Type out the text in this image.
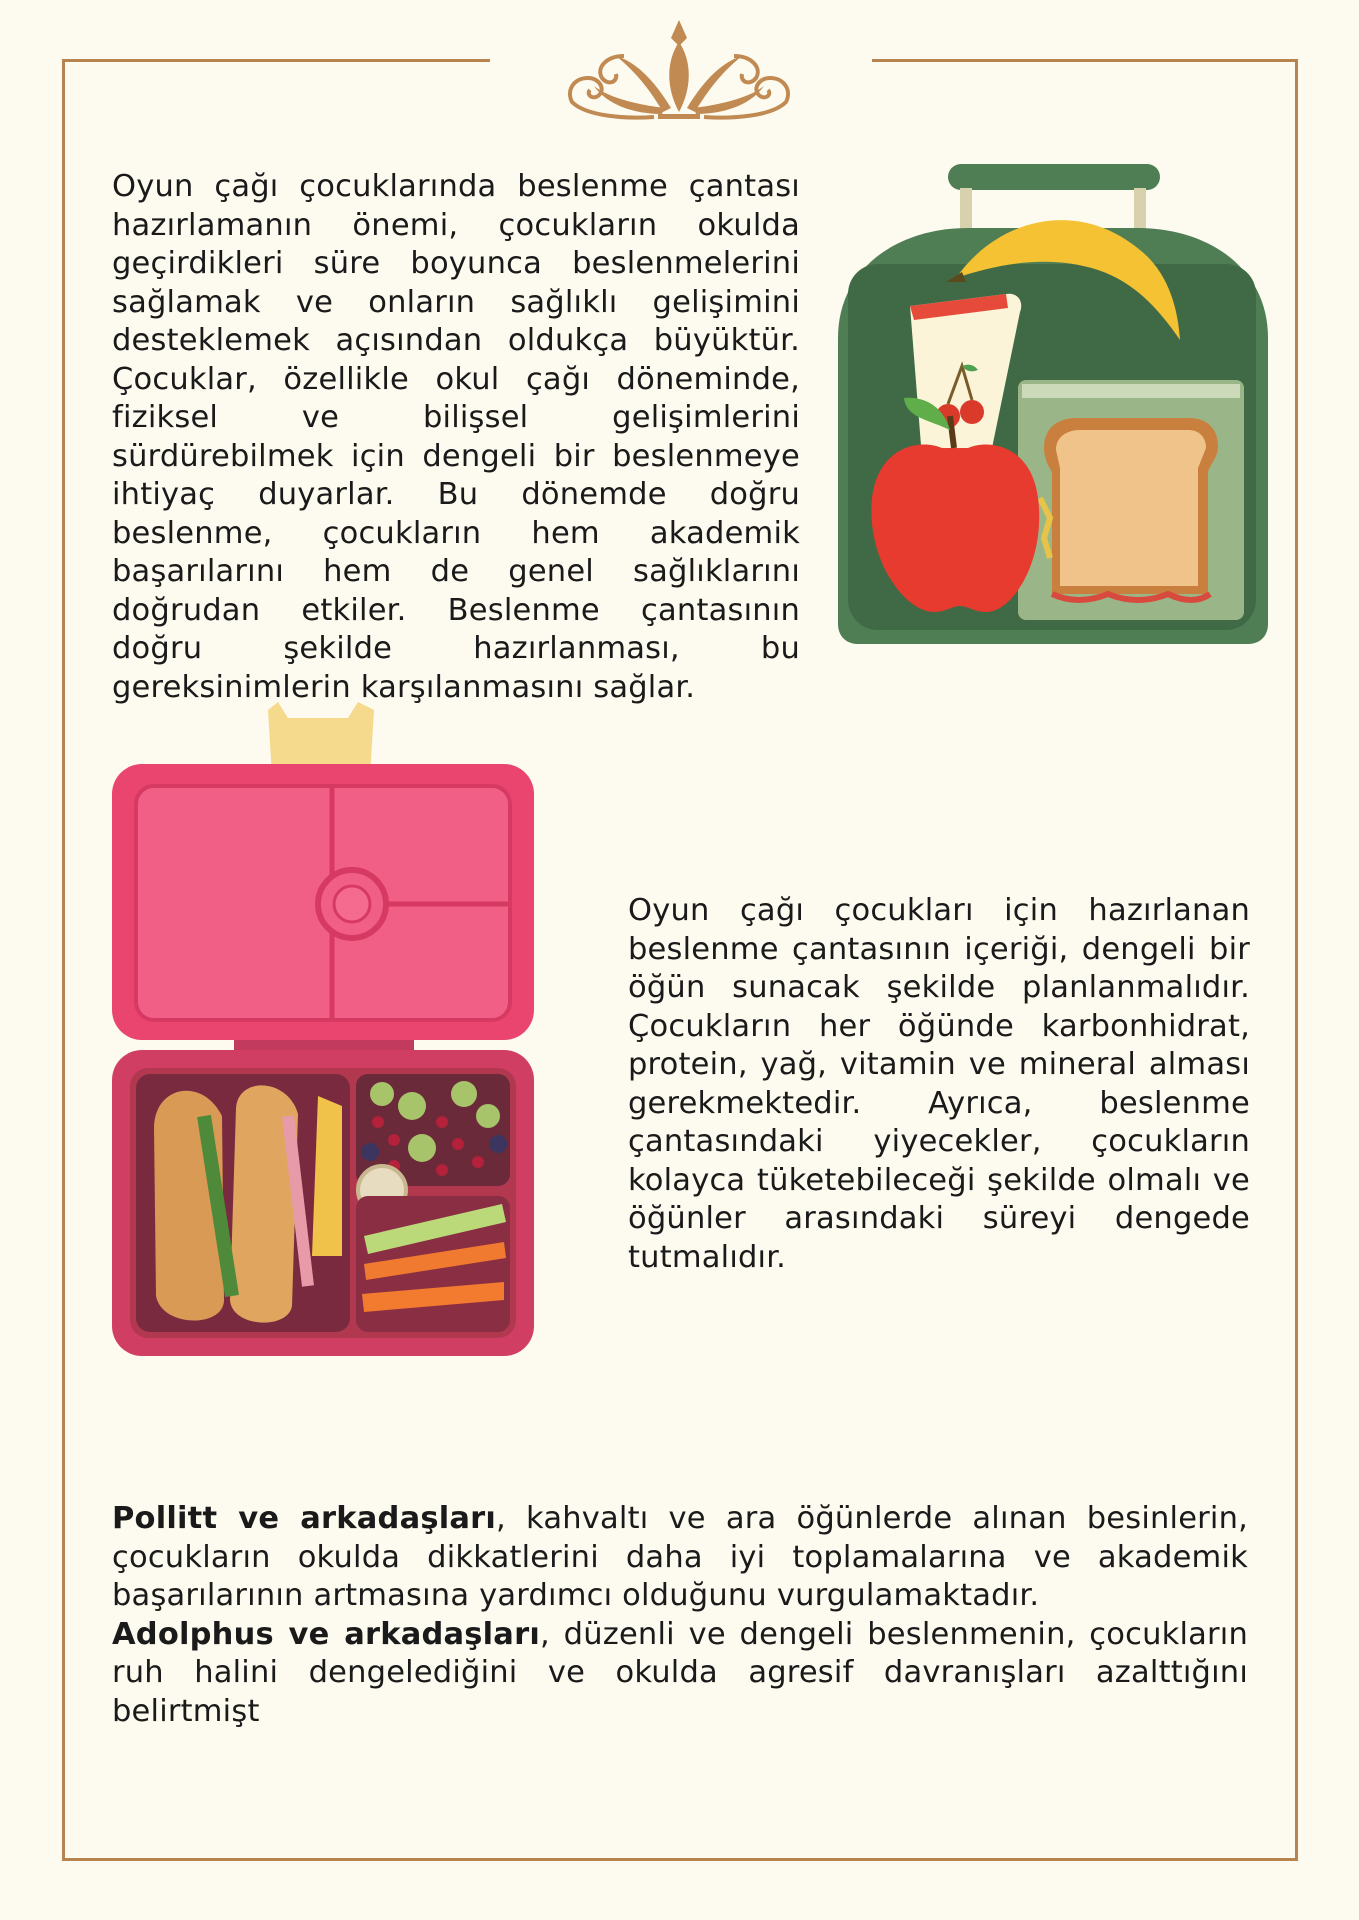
Oyun çağı çocuklarında beslenme çantası hazırlamanın önemi, çocukların okulda geçirdikleri süre boyunca beslenmelerini sağlamak ve onların sağlıklı gelişimini desteklemek açısından oldukça büyüktür. Çocuklar, özellikle okul çağı döneminde, fiziksel ve bilişsel gelişimlerini sürdürebilmek için dengeli bir beslenmeye ihtiyaç duyarlar. Bu dönemde doğru beslenme, çocukların hem akademik başarılarını hem de genel sağlıklarını doğrudan etkiler. Beslenme çantasının doğru şekilde hazırlanması, bu gereksinimlerin karşılanmasını sağlar.

Oyun çağı çocukları için hazırlanan beslenme çantasının içeriği, dengeli bir öğün sunacak şekilde planlanmalıdır. Çocukların her öğünde karbonhidrat, protein, yağ, vitamin ve mineral alması gerekmektedir. Ayrıca, beslenme çantasındaki yiyecekler, çocukların kolayca tüketebileceği şekilde olmalı ve öğünler arasındaki süreyi dengede tutmalıdır.

Pollitt ve arkadaşları, kahvaltı ve ara öğünlerde alınan besinlerin, çocukların okulda dikkatlerini daha iyi toplamalarına ve akademik başarılarının artmasına yardımcı olduğunu vurgulamaktadır.
Adolphus ve arkadaşları, düzenli ve dengeli beslenmenin, çocukların ruh halini dengelediğini ve okulda agresif davranışları azalttığını belirtmişt
